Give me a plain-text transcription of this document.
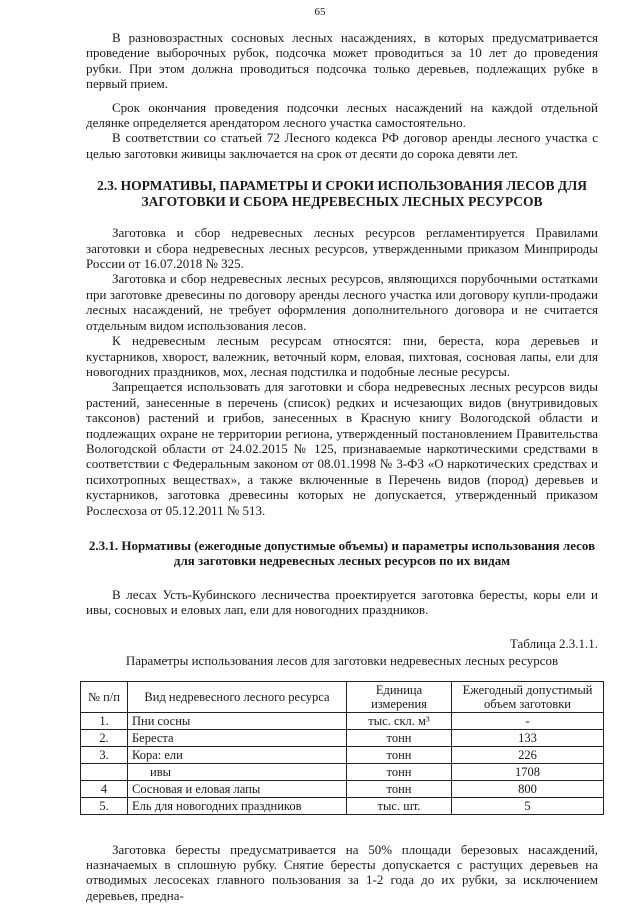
65

В разновозрастных сосновых лесных насаждениях, в которых предусматривается проведение выборочных рубок, подсочка может проводиться за 10 лет до проведения рубки. При этом должна проводиться подсочка только деревьев, подлежащих рубке в первый прием.

Срок окончания проведения подсочки лесных насаждений на каждой отдельной делянке определяется арендатором лесного участка самостоятельно.

В соответствии со статьей 72 Лесного кодекса РФ договор аренды лесного участка с целью заготовки живицы заключается на срок от десяти до сорока девяти лет.

2.3. НОРМАТИВЫ, ПАРАМЕТРЫ И СРОКИ ИСПОЛЬЗОВАНИЯ ЛЕСОВ ДЛЯ ЗАГОТОВКИ И СБОРА НЕДРЕВЕСНЫХ ЛЕСНЫХ РЕСУРСОВ

Заготовка и сбор недревесных лесных ресурсов регламентируется Правилами заготовки и сбора недревесных лесных ресурсов, утвержденными приказом Минприроды России от 16.07.2018 № 325.

Заготовка и сбор недревесных лесных ресурсов, являющихся порубочными остатками при заготовке древесины по договору аренды лесного участка или договору купли-продажи лесных насаждений, не требует оформления дополнительного договора и не считается отдельным видом использования лесов.

К недревесным лесным ресурсам относятся: пни, береста, кора деревьев и кустарников, хворост, валежник, веточный корм, еловая, пихтовая, сосновая лапы, ели для новогодних праздников, мох, лесная подстилка и подобные лесные ресурсы.

Запрещается использовать для заготовки и сбора недревесных лесных ресурсов виды растений, занесенные в перечень (список) редких и исчезающих видов (внутривидовых таксонов) растений и грибов, занесенных в Красную книгу Вологодской области и подлежащих охране не территории региона, утвержденный постановлением Правительства Вологодской области от 24.02.2015 № 125, признаваемые наркотическими средствами в соответствии с Федеральным законом от 08.01.1998 № 3-ФЗ «О наркотических средствах и психотропных веществах», а также включенные в Перечень видов (пород) деревьев и кустарников, заготовка древесины которых не допускается, утвержденный приказом Рослесхоза от 05.12.2011 № 513.

2.3.1. Нормативы (ежегодные допустимые объемы) и параметры использования лесов для заготовки недревесных лесных ресурсов по их видам

В лесах Усть-Кубинского лесничества проектируется заготовка бересты, коры ели и ивы, сосновых и еловых лап, ели для новогодних праздников.

Таблица 2.3.1.1.
Параметры использования лесов для заготовки недревесных лесных ресурсов
№ п/п	Вид недревесного лесного ресурса	Единица измерения	Ежегодный допустимый объем заготовки
1.	Пни сосны	тыс. скл. м³	-
2.	Береста	тонн	133
3.	Кора: ели	тонн	226
	ивы	тонн	1708
4	Сосновая и еловая лапы	тонн	800
5.	Ель для новогодних праздников	тыс. шт.	5

Заготовка бересты предусматривается на 50% площади березовых насаждений, назначаемых в сплошную рубку. Снятие бересты допускается с растущих деревьев на отводимых лесосеках главного пользования за 1-2 года до их рубки, за исключением деревьев, предна-
